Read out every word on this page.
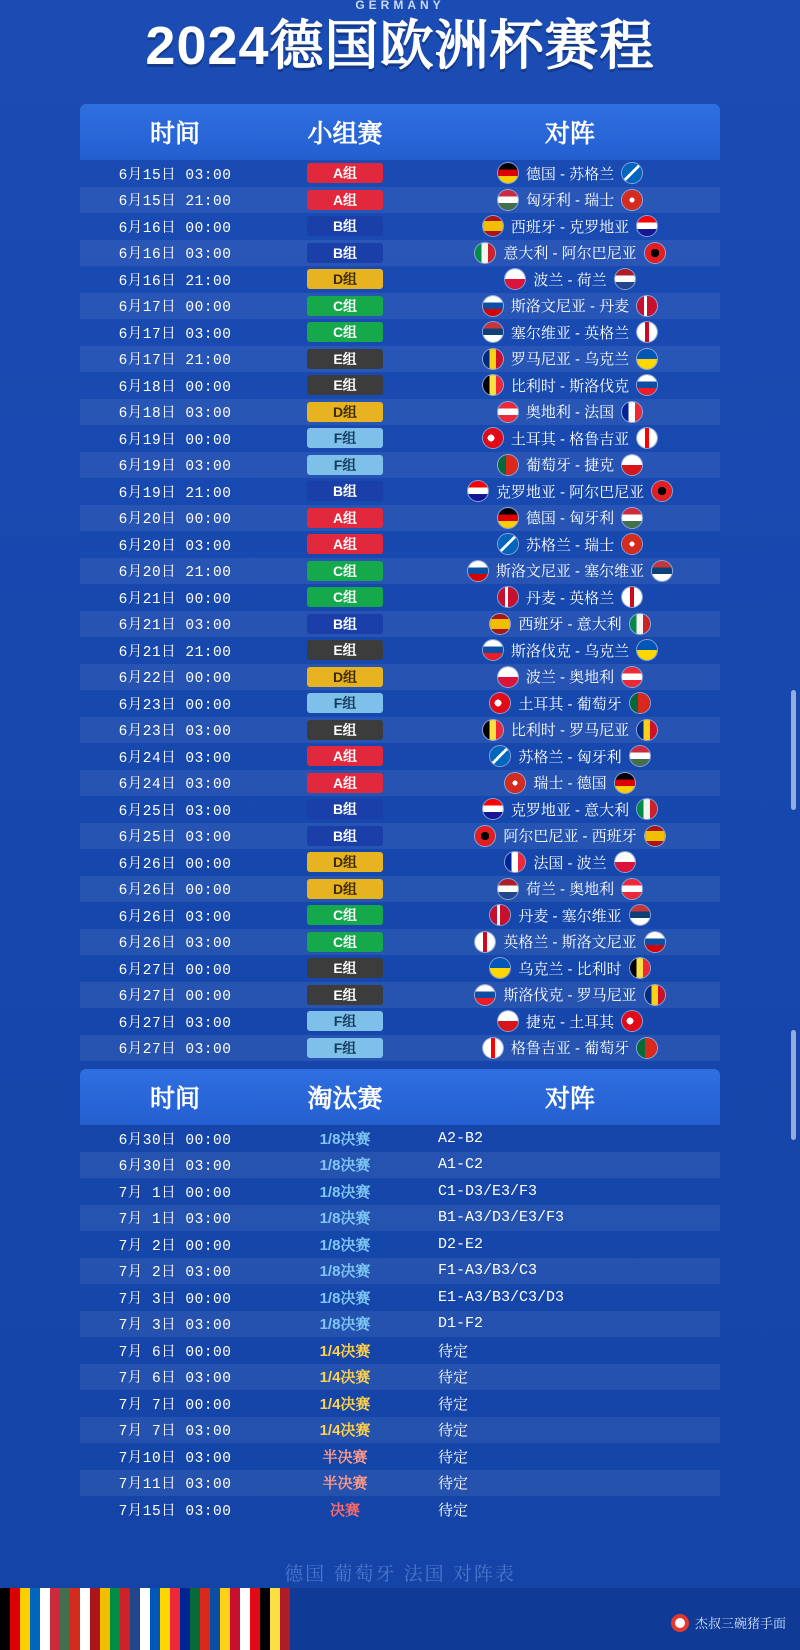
GERMANY
2024德国欧洲杯赛程
时间	小组赛	对阵
6月15日 03:00	A组	德国 - 苏格兰
6月15日 21:00	A组	匈牙利 - 瑞士
6月16日 00:00	B组	西班牙 - 克罗地亚
6月16日 03:00	B组	意大利 - 阿尔巴尼亚
6月16日 21:00	D组	波兰 - 荷兰
6月17日 00:00	C组	斯洛文尼亚 - 丹麦
6月17日 03:00	C组	塞尔维亚 - 英格兰
6月17日 21:00	E组	罗马尼亚 - 乌克兰
6月18日 00:00	E组	比利时 - 斯洛伐克
6月18日 03:00	D组	奥地利 - 法国
6月19日 00:00	F组	土耳其 - 格鲁吉亚
6月19日 03:00	F组	葡萄牙 - 捷克
6月19日 21:00	B组	克罗地亚 - 阿尔巴尼亚
6月20日 00:00	A组	德国 - 匈牙利
6月20日 03:00	A组	苏格兰 - 瑞士
6月20日 21:00	C组	斯洛文尼亚 - 塞尔维亚
6月21日 00:00	C组	丹麦 - 英格兰
6月21日 03:00	B组	西班牙 - 意大利
6月21日 21:00	E组	斯洛伐克 - 乌克兰
6月22日 00:00	D组	波兰 - 奥地利
6月23日 00:00	F组	土耳其 - 葡萄牙
6月23日 03:00	E组	比利时 - 罗马尼亚
6月24日 03:00	A组	苏格兰 - 匈牙利
6月24日 03:00	A组	瑞士 - 德国
6月25日 03:00	B组	克罗地亚 - 意大利
6月25日 03:00	B组	阿尔巴尼亚 - 西班牙
6月26日 00:00	D组	法国 - 波兰
6月26日 00:00	D组	荷兰 - 奥地利
6月26日 03:00	C组	丹麦 - 塞尔维亚
6月26日 03:00	C组	英格兰 - 斯洛文尼亚
6月27日 00:00	E组	乌克兰 - 比利时
6月27日 00:00	E组	斯洛伐克 - 罗马尼亚
6月27日 03:00	F组	捷克 - 土耳其
6月27日 03:00	F组	格鲁吉亚 - 葡萄牙
时间	淘汰赛	对阵
6月30日 00:00	1/8决赛	A2-B2
6月30日 03:00	1/8决赛	A1-C2
7月 1日 00:00	1/8决赛	C1-D3/E3/F3
7月 1日 03:00	1/8决赛	B1-A3/D3/E3/F3
7月 2日 00:00	1/8决赛	D2-E2
7月 2日 03:00	1/8决赛	F1-A3/B3/C3
7月 3日 00:00	1/8决赛	E1-A3/B3/C3/D3
7月 3日 03:00	1/8决赛	D1-F2
7月 6日 00:00	1/4决赛	待定
7月 6日 03:00	1/4决赛	待定
7月 7日 00:00	1/4决赛	待定
7月 7日 03:00	1/4决赛	待定
7月10日 03:00	半决赛	待定
7月11日 03:00	半决赛	待定
7月15日 03:00	决赛	待定
德国 葡萄牙 法国 对阵表
杰叔三碗猪手面
